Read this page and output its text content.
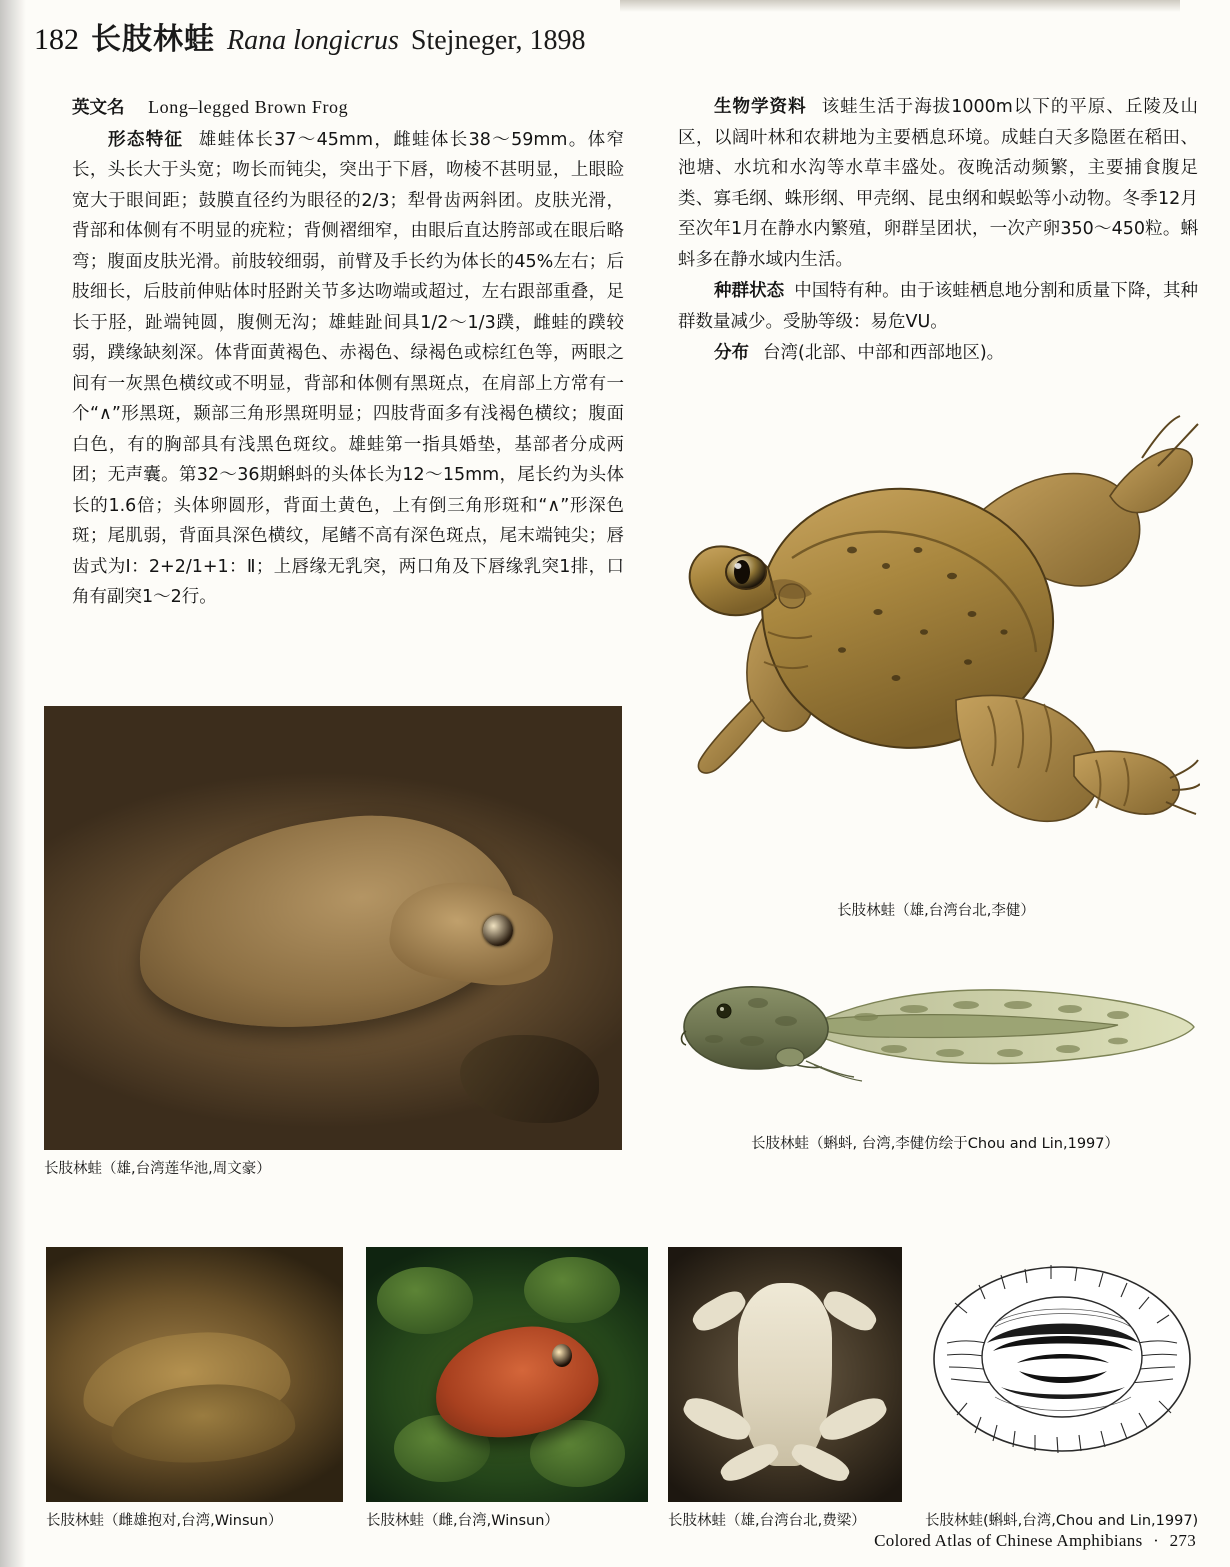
182 长肢林蛙 Rana longicrus Stejneger, 1898

英文名 Long–legged Brown Frog

形态特征 雄蛙体长37～45mm，雌蛙体长38～59mm。体窄长，头长大于头宽；吻长而钝尖，突出于下唇，吻棱不甚明显，上眼睑宽大于眼间距；鼓膜直径约为眼径的2/3；犁骨齿两斜团。皮肤光滑，背部和体侧有不明显的疣粒；背侧褶细窄，由眼后直达胯部或在眼后略弯；腹面皮肤光滑。前肢较细弱，前臂及手长约为体长的45%左右；后肢细长，后肢前伸贴体时胫跗关节多达吻端或超过，左右跟部重叠，足长于胫，趾端钝圆，腹侧无沟；雄蛙趾间具1/2～1/3蹼，雌蛙的蹼较弱，蹼缘缺刻深。体背面黄褐色、赤褐色、绿褐色或棕红色等，两眼之间有一灰黑色横纹或不明显，背部和体侧有黑斑点，在肩部上方常有一个“∧”形黑斑，颞部三角形黑斑明显；四肢背面多有浅褐色横纹；腹面白色，有的胸部具有浅黑色斑纹。雄蛙第一指具婚垫，基部者分成两团；无声囊。第32～36期蝌蚪的头体长为12～15mm，尾长约为头体长的1.6倍；头体卵圆形，背面土黄色，上有倒三角形斑和“∧”形深色斑；尾肌弱，背面具深色横纹，尾鳍不高有深色斑点，尾末端钝尖；唇齿式为Ⅰ：2+2/1+1：Ⅱ；上唇缘无乳突，两口角及下唇缘乳突1排，口角有副突1～2行。

生物学资料 该蛙生活于海拔1000m以下的平原、丘陵及山区，以阔叶林和农耕地为主要栖息环境。成蛙白天多隐匿在稻田、池塘、水坑和水沟等水草丰盛处。夜晚活动频繁，主要捕食腹足类、寡毛纲、蛛形纲、甲壳纲、昆虫纲和蜈蚣等小动物。冬季12月至次年1月在静水内繁殖，卵群呈团状，一次产卵350～450粒。蝌蚪多在静水域内生活。

种群状态 中国特有种。由于该蛙栖息地分割和质量下降，其种群数量减少。受胁等级：易危VU。

分布 台湾(北部、中部和西部地区)。

长肢林蛙（雄,台湾台北,李健）
长肢林蛙（蝌蚪, 台湾,李健仿绘于Chou and Lin,1997）
长肢林蛙（雄,台湾莲华池,周文豪）
长肢林蛙（雌雄抱对,台湾,Winsun）	长肢林蛙（雌,台湾,Winsun）	长肢林蛙（雄,台湾台北,费梁）	长肢林蛙(蝌蚪,台湾,Chou and Lin,1997)
Colored Atlas of Chinese Amphibians · 273
